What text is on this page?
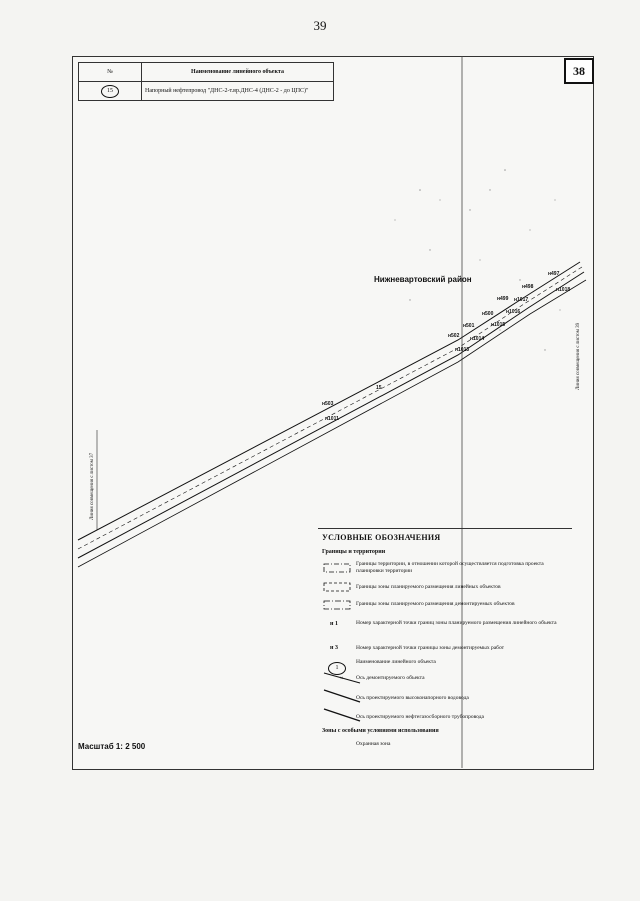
39
38
№	Наименование линейного объекта
15	Напорный нефтепровод "ДНС-2-т.вр.ДНС-4 (ДНС-2 - до ЦПС)"
Нижневартовский район
н498
н497
н1017
н1018
н499
н500	н1016
н501	н1015
н502 н1014
н1013
н503
н1011
15
Линия совмещения с листом 37
Линия совмещения с листом 39
УСЛОВНЫЕ ОБОЗНАЧЕНИЯ
Границы и территории
Границы территории, в отношении которой осуществляется подготовка проекта планировки территории
Границы зоны планируемого размещения линейных объектов
Границы зоны планируемого размещения демонтируемых объектов
н 1	Номер характерной точки границ зоны планируемого размещения линейного объекта
н 3	Номер характерной точки границы зоны демонтируемых работ
1
Наименование линейного объекта
× Ось демонтируемого объекта
Ось проектируемого высоконапорного водовода
Ось проектируемого нефтегазосборного трубопровода
Зоны с особыми условиями использования
Охранная зона
Масштаб 1: 2 500
